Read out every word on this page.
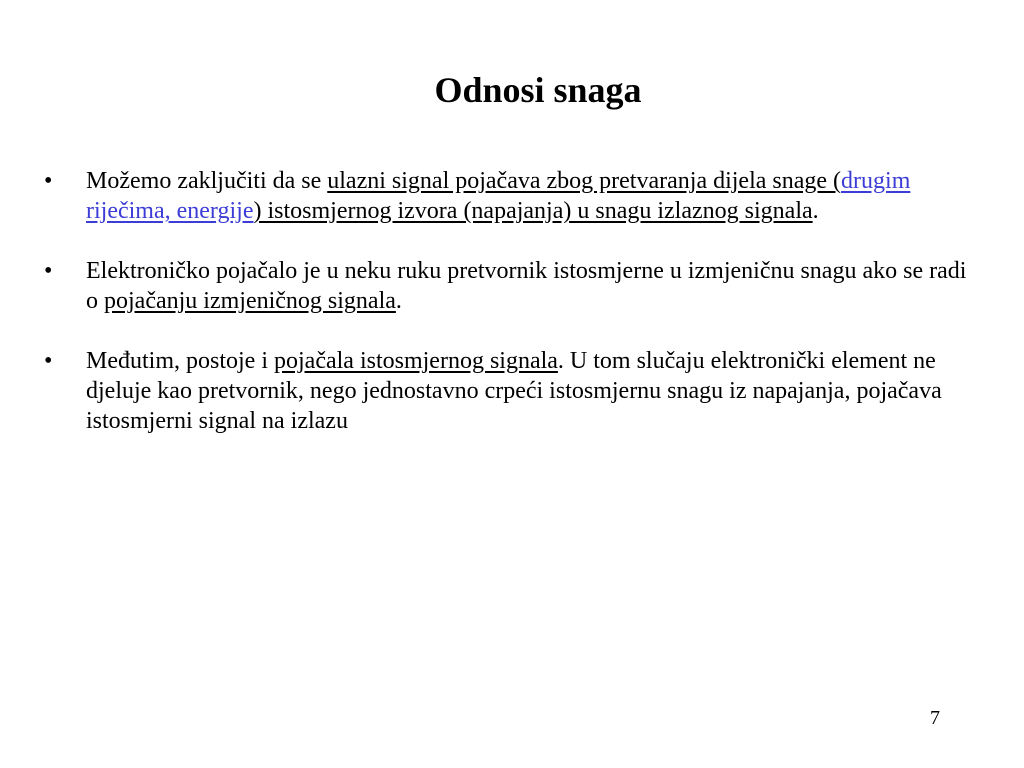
Odnosi snaga
• Možemo zaključiti da se ulazni signal pojačava zbog pretvaranja dijela snage (drugim riječima, energije) istosmjernog izvora (napajanja) u snagu izlaznog signala.
• Elektroničko pojačalo je u neku ruku pretvornik istosmjerne u izmjeničnu snagu ako se radi o pojačanju izmjeničnog signala.
• Međutim, postoje i pojačala istosmjernog signala. U tom slučaju elektronički element ne djeluje kao pretvornik, nego jednostavno crpeći istosmjernu snagu iz napajanja, pojačava istosmjerni signal na izlazu
7
